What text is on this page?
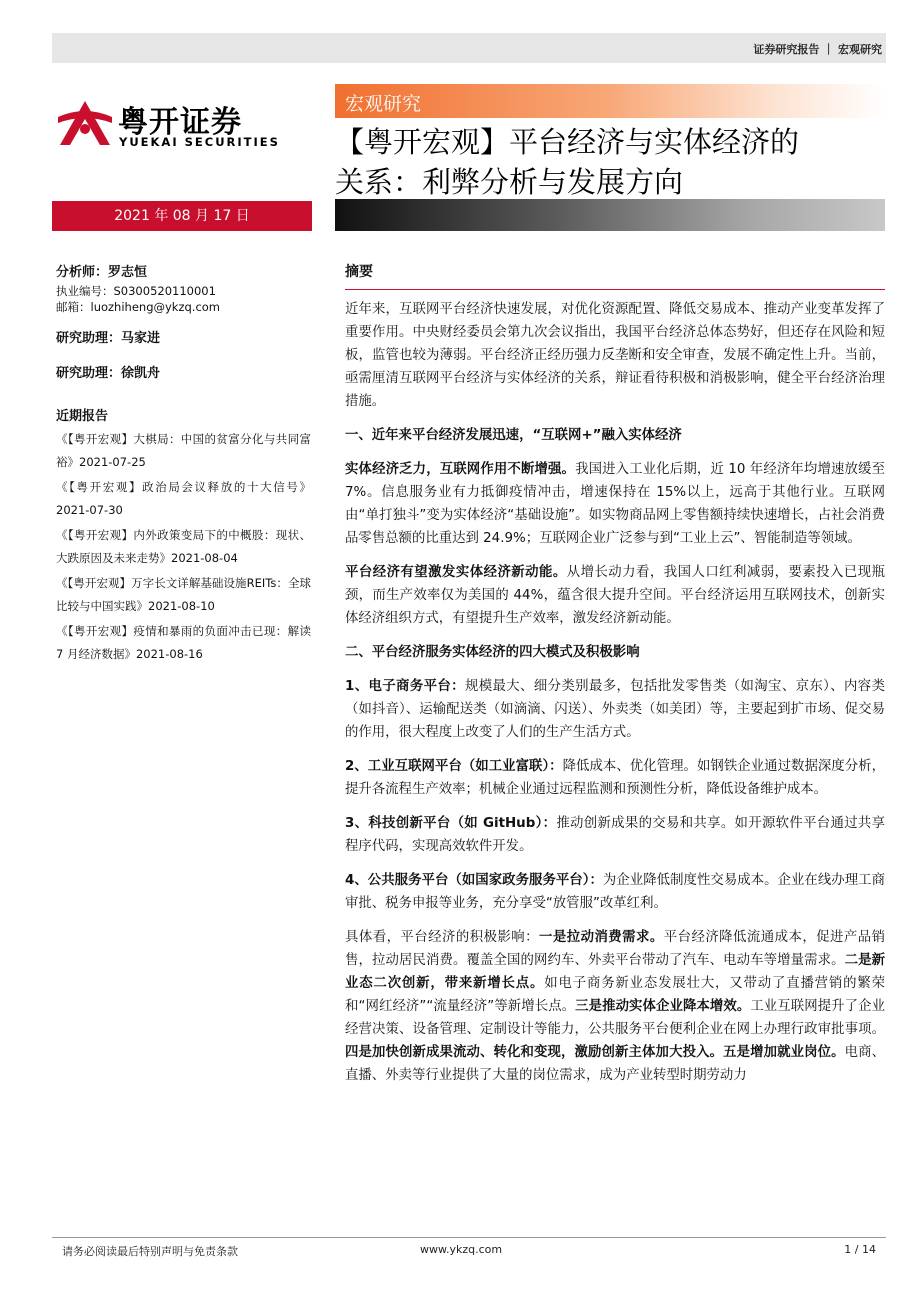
证券研究报告 ｜ 宏观研究
粤开证券
YUEKAI SECURITIES
宏观研究
【粤开宏观】平台经济与实体经济的
关系：利弊分析与发展方向
2021 年 08 月 17 日
分析师：罗志恒
执业编号：S0300520110001
邮箱：luozhiheng@ykzq.com
研究助理：马家进
研究助理：徐凯舟
近期报告
《【粤开宏观】大棋局：中国的贫富分化与共同富裕》2021-07-25
《【粤开宏观】政治局会议释放的十大信号》2021-07-30
《【粤开宏观】内外政策变局下的中概股：现状、大跌原因及未来走势》2021-08-04
《【粤开宏观】万字长文详解基础设施REITs：全球比较与中国实践》2021-08-10
《【粤开宏观】疫情和暴雨的负面冲击已现：解读 7 月经济数据》2021-08-16
摘要

近年来，互联网平台经济快速发展，对优化资源配置、降低交易成本、推动产业变革发挥了重要作用。中央财经委员会第九次会议指出，我国平台经济总体态势好，但还存在风险和短板，监管也较为薄弱。平台经济正经历强力反垄断和安全审查，发展不确定性上升。当前，亟需厘清互联网平台经济与实体经济的关系，辩证看待积极和消极影响，健全平台经济治理措施。

一、近年来平台经济发展迅速，“互联网+”融入实体经济

实体经济乏力，互联网作用不断增强。我国进入工业化后期，近 10 年经济年均增速放缓至 7%。信息服务业有力抵御疫情冲击，增速保持在 15%以上，远高于其他行业。互联网由“单打独斗”变为实体经济“基础设施”。如实物商品网上零售额持续快速增长，占社会消费品零售总额的比重达到 24.9%；互联网企业广泛参与到“工业上云”、智能制造等领域。

平台经济有望激发实体经济新动能。从增长动力看，我国人口红利减弱，要素投入已现瓶颈，而生产效率仅为美国的 44%，蕴含很大提升空间。平台经济运用互联网技术，创新实体经济组织方式，有望提升生产效率，激发经济新动能。

二、平台经济服务实体经济的四大模式及积极影响

1、电子商务平台：规模最大、细分类别最多，包括批发零售类（如淘宝、京东）、内容类（如抖音）、运输配送类（如滴滴、闪送）、外卖类（如美团）等，主要起到扩市场、促交易的作用，很大程度上改变了人们的生产生活方式。

2、工业互联网平台（如工业富联）：降低成本、优化管理。如钢铁企业通过数据深度分析，提升各流程生产效率；机械企业通过远程监测和预测性分析，降低设备维护成本。

3、科技创新平台（如 GitHub）：推动创新成果的交易和共享。如开源软件平台通过共享程序代码，实现高效软件开发。

4、公共服务平台（如国家政务服务平台）：为企业降低制度性交易成本。企业在线办理工商审批、税务申报等业务，充分享受“放管服”改革红利。

具体看，平台经济的积极影响：一是拉动消费需求。平台经济降低流通成本，促进产品销售，拉动居民消费。覆盖全国的网约车、外卖平台带动了汽车、电动车等增量需求。二是新业态二次创新，带来新增长点。如电子商务新业态发展壮大，又带动了直播营销的繁荣和“网红经济”“流量经济”等新增长点。三是推动实体企业降本增效。工业互联网提升了企业经营决策、设备管理、定制设计等能力，公共服务平台便利企业在网上办理行政审批事项。四是加快创新成果流动、转化和变现，激励创新主体加大投入。五是增加就业岗位。电商、直播、外卖等行业提供了大量的岗位需求，成为产业转型时期劳动力

请务必阅读最后特别声明与免责条款	www.ykzq.com	1 / 14
